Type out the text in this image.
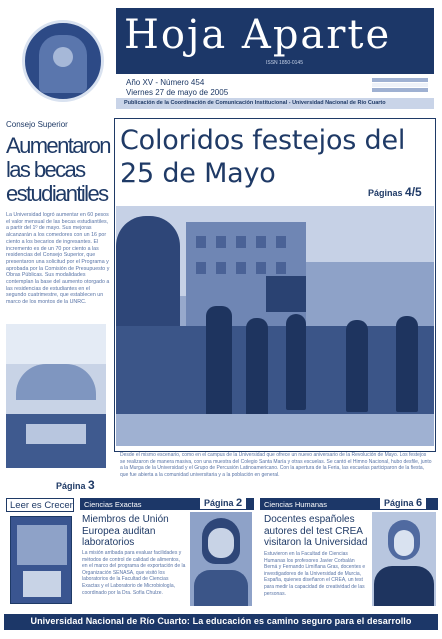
Hoja Aparte
ISSN 1850-0145
Año XV - Número 454
Viernes 27 de mayo de 2005
Publicación de la Coordinación de Comunicación Institucional - Universidad Nacional de Río Cuarto
Consejo Superior
Aumentaron las becas estudiantiles
La Universidad logró aumentar en 60 pesos el valor mensual de las becas estudiantiles, a partir del 1º de mayo. Sus mejoras alcanzarán a los comedores con un 16 por ciento a los becarios de ingresantes. El incremento es de un 70 por ciento a las residencias del Consejo Superior, que presentaron una solicitud por el Programa y aprobada por la Comisión de Presupuesto y Obras Públicas. Sus modalidades contemplan la base del aumento otorgado a las residencias de estudiantes en el segundo cuatrimestre, que establecen un marco de los montos de la UNRC.
Página 3
Coloridos festejos del 25 de Mayo
Páginas 4/5
Desde el mismo escenario, como en el campus de la Universidad que ofrece un nuevo aniversario de la Revolución de Mayo. Los festejos se realizaron de manera masiva, con una muestra del Colegio Santa María y otras escuelas. Se cantó el Himno Nacional, hubo desfile, junto a la Murga de la Universidad y el Grupo de Percusión Latinoamericano. Con la apertura de la Feria, las escuelas participaron de la fiesta, que fue abierta a la comunidad universitaria y a la población en general.
Leer es Crecer	Ciencias Exactas	Página 2
Miembros de Unión Europea auditan laboratorios
La misión arribada para evaluar facilidades y métodos de control de calidad de alimentos, en el marco del programa de exportación de la Organización SENASA, que visitó los laboratorios de la Facultad de Ciencias Exactas y el Laboratorio de Microbiología, coordinado por la Dra. Sofía Chulze.
Ciencias Humanas	Página 6
Docentes españoles autores del test CREA visitaron la Universidad
Estuvieron en la Facultad de Ciencias Humanas los profesores Javier Corbalán Berná y Fernando Limiñana Gras, docentes e investigadores de la Universidad de Murcia, España, quienes diseñaron el CREA, un test para medir la capacidad de creatividad de las personas.
Universidad Nacional de Río Cuarto: La educación es camino seguro para el desarrollo
